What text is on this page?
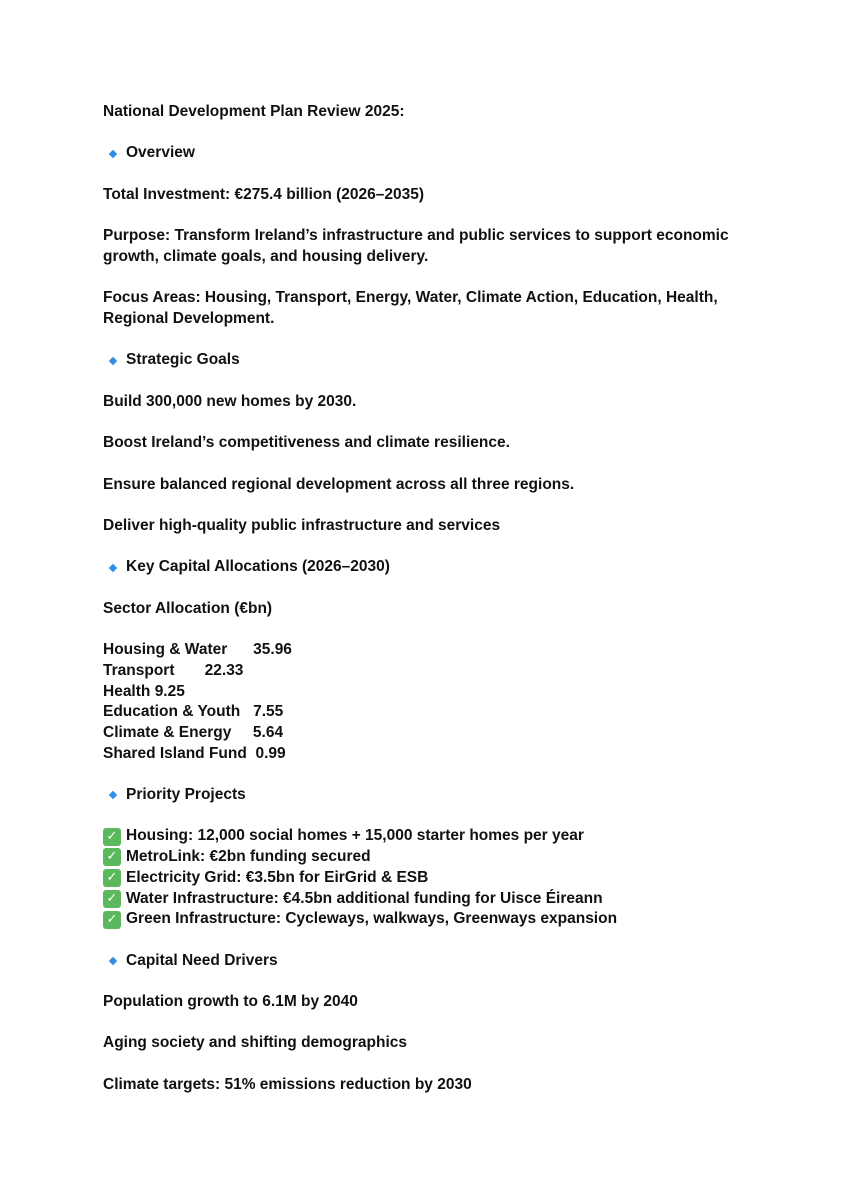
National Development Plan Review 2025:

Overview

Total Investment: €275.4 billion (2026–2035)

Purpose: Transform Ireland’s infrastructure and public services to support economic growth, climate goals, and housing delivery.

Focus Areas: Housing, Transport, Energy, Water, Climate Action, Education, Health, Regional Development.

Strategic Goals

Build 300,000 new homes by 2030.

Boost Ireland’s competitiveness and climate resilience.

Ensure balanced regional development across all three regions.

Deliver high-quality public infrastructure and services

Key Capital Allocations (2026–2030)

Sector Allocation (€bn)

Housing & Water 35.96
Transport 22.33
Health 9.25
Education & Youth 7.55
Climate & Energy 5.64
Shared Island Fund 0.99
Priority Projects
✓ Housing: 12,000 social homes + 15,000 starter homes per year
✓ MetroLink: €2bn funding secured
✓ Electricity Grid: €3.5bn for EirGrid & ESB
✓ Water Infrastructure: €4.5bn additional funding for Uisce Éireann
✓ Green Infrastructure: Cycleways, walkways, Greenways expansion
Capital Need Drivers

Population growth to 6.1M by 2040

Aging society and shifting demographics

Climate targets: 51% emissions reduction by 2030
